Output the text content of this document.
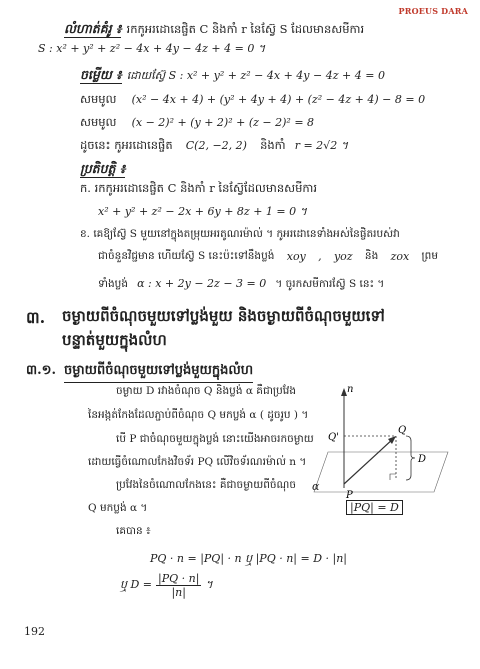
PROEUS DARA
លំហាត់គំរូ ៖ រកកូអរដោនេផ្ចិត C និងកាំ r នៃស្វ៊ែ S ដែលមានសមីការ
S : x² + y² + z² − 4x + 4y − 4z + 4 = 0 ។
ចម្លើយ ៖ ដោយស្វ៊ែ S : x² + y² + z² − 4x + 4y − 4z + 4 = 0
សមមូល (x² − 4x + 4) + (y² + 4y + 4) + (z² − 4z + 4) − 8 = 0
សមមូល (x − 2)² + (y + 2)² + (z − 2)² = 8
ដូចនេះ កូអរដោនេផ្ចិត C(2, −2, 2) និងកាំ r = 2√2 ។
ប្រតិបត្តិ ៖
ក. រកកូអរដោនេផ្ចិត C និងកាំ r នៃស្វ៊ែដែលមានសមីការ
x² + y² + z² − 2x + 6y + 8z + 1 = 0 ។
ខ. គេឱ្យស្វ៊ែ S មួយនៅក្នុងតម្រុយអរតូណរម៉ាល់ ។ កូអរដោនេទាំងអស់នៃផ្ចិតរបស់វា
ជាចំនួនវិជ្ជមាន ហើយស្វ៊ែ S នេះប៉ះទៅនឹងប្លង់ xoy , yoz និង zox ព្រម
ទាំងប្លង់ α : x + 2y − 2z − 3 = 0 ។ ចូរកសមីការស្វ៊ែ S នេះ ។
៣. ចម្ងាយពីចំណុចមួយទៅប្លង់មួយ និងចម្ងាយពីចំណុចមួយទៅ
បន្ទាត់មួយក្នុងលំហ
៣.១. ចម្ងាយពីចំណុចមួយទៅប្លង់មួយក្នុងលំហ
ចម្ងាយ D រវាងចំណុច Q និងប្លង់ α គឺជាប្រវែង
នៃអង្កត់កែងដែលភ្ជាប់ពីចំណុច Q មកប្លង់ α ( ដូចរូប ) ។
បើ P ជាចំណុចមួយក្នុងប្លង់ នោះយើងអាចរកចម្ងាយ
ដោយធ្វើចំណោលកែងវិចទ័រ PQ លើវិចទ័រណរម៉ាល់ n ។
ប្រវែងនៃចំណោលកែងនេះ គឺជាចម្ងាយពីចំណុច
Q មកប្លង់ α ។
គេបាន ៖
PQ · n = |PQ| · n ឬ |PQ · n| = D · |n|
ឬ $D = \frac{|PQ \cdot n|}{|n|}$ ។
n
Q
Q'
P
D
α
|PQ| = D
192
